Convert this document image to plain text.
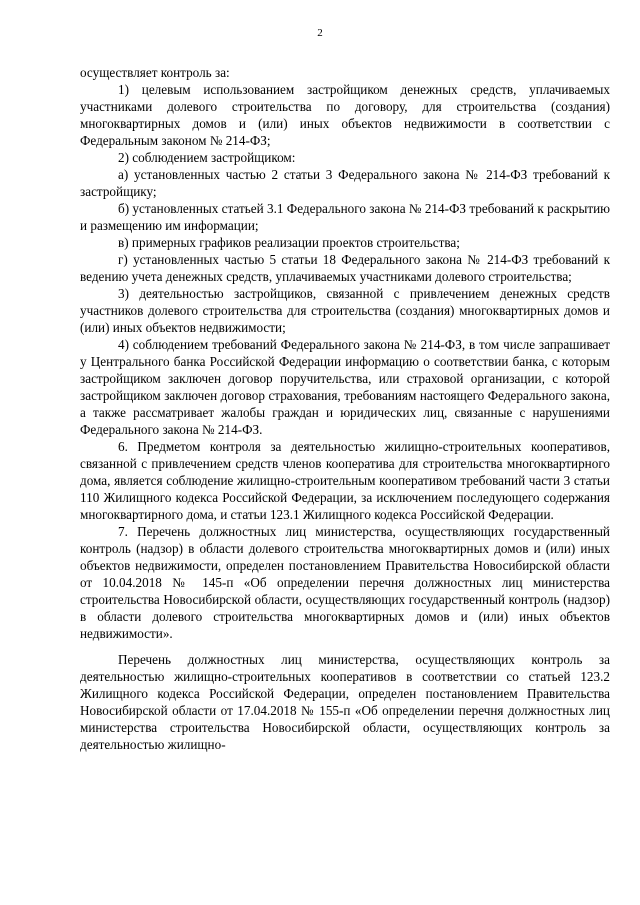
2

осуществляет контроль за:

1) целевым использованием застройщиком денежных средств, уплачиваемых участниками долевого строительства по договору, для строительства (создания) многоквартирных домов и (или) иных объектов недвижимости в соответствии с Федеральным законом № 214-ФЗ;

2) соблюдением застройщиком:

а) установленных частью 2 статьи 3 Федерального закона № 214-ФЗ требований к застройщику;

б) установленных статьей 3.1 Федерального закона № 214-ФЗ требований к раскрытию и размещению им информации;

в) примерных графиков реализации проектов строительства;

г) установленных частью 5 статьи 18 Федерального закона № 214-ФЗ требований к ведению учета денежных средств, уплачиваемых участниками долевого строительства;

3) деятельностью застройщиков, связанной с привлечением денежных средств участников долевого строительства для строительства (создания) многоквартирных домов и (или) иных объектов недвижимости;

4) соблюдением требований Федерального закона № 214-ФЗ, в том числе запрашивает у Центрального банка Российской Федерации информацию о соответствии банка, с которым застройщиком заключен договор поручительства, или страховой организации, с которой застройщиком заключен договор страхования, требованиям настоящего Федерального закона, а также рассматривает жалобы граждан и юридических лиц, связанные с нарушениями Федерального закона № 214-ФЗ.

6. Предметом контроля за деятельностью жилищно-строительных кооперативов, связанной с привлечением средств членов кооператива для строительства многоквартирного дома, является соблюдение жилищно-строительным кооперативом требований части 3 статьи 110 Жилищного кодекса Российской Федерации, за исключением последующего содержания многоквартирного дома, и статьи 123.1 Жилищного кодекса Российской Федерации.

7. Перечень должностных лиц министерства, осуществляющих государственный контроль (надзор) в области долевого строительства многоквартирных домов и (или) иных объектов недвижимости, определен постановлением Правительства Новосибирской области от 10.04.2018 № 145-п «Об определении перечня должностных лиц министерства строительства Новосибирской области, осуществляющих государственный контроль (надзор) в области долевого строительства многоквартирных домов и (или) иных объектов недвижимости».

Перечень должностных лиц министерства, осуществляющих контроль за деятельностью жилищно-строительных кооперативов в соответствии со статьей 123.2 Жилищного кодекса Российской Федерации, определен постановлением Правительства Новосибирской области от 17.04.2018 № 155-п «Об определении перечня должностных лиц министерства строительства Новосибирской области, осуществляющих контроль за деятельностью жилищно-
